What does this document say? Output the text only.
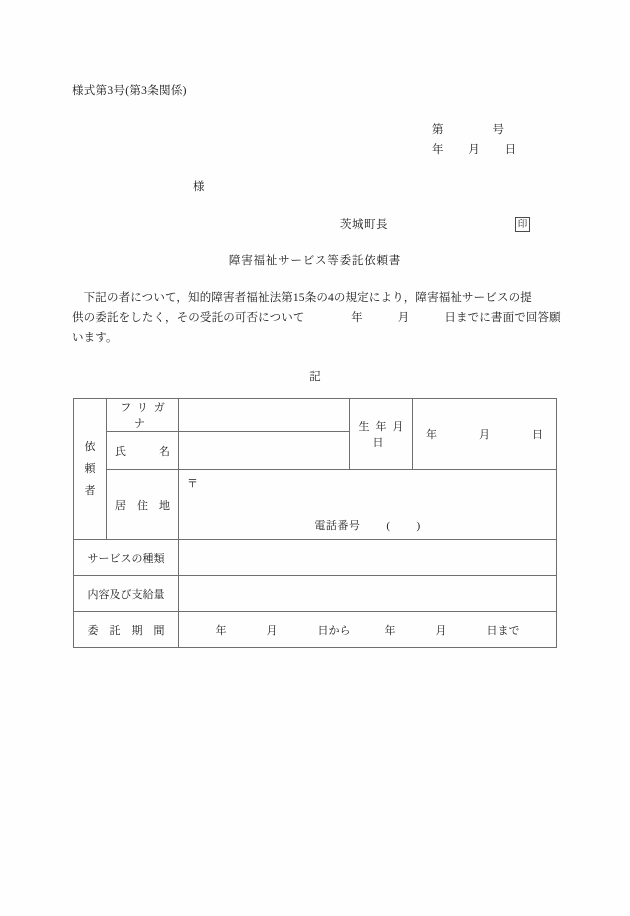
様式第3号(第3条関係)
第　　　　号
年　　月　　日
様
茨城町長	印
障害福祉サービス等委託依頼書
　下記の者について，知的障害者福祉法第15条の4の規定により，障害福祉サービスの提
供の委託をしたく，その受託の可否について　　　　年　　　月　　　日までに書面で回答願
います。
記
依
頼
者	フリガナ		生年月日	年 月 日
	氏　　　名			
	居　住　地	〒
電話番号 ( )		

サービスの種類				
内容及び支給量				
委　託　期　間		年 月 日から 年 月 日まで		
